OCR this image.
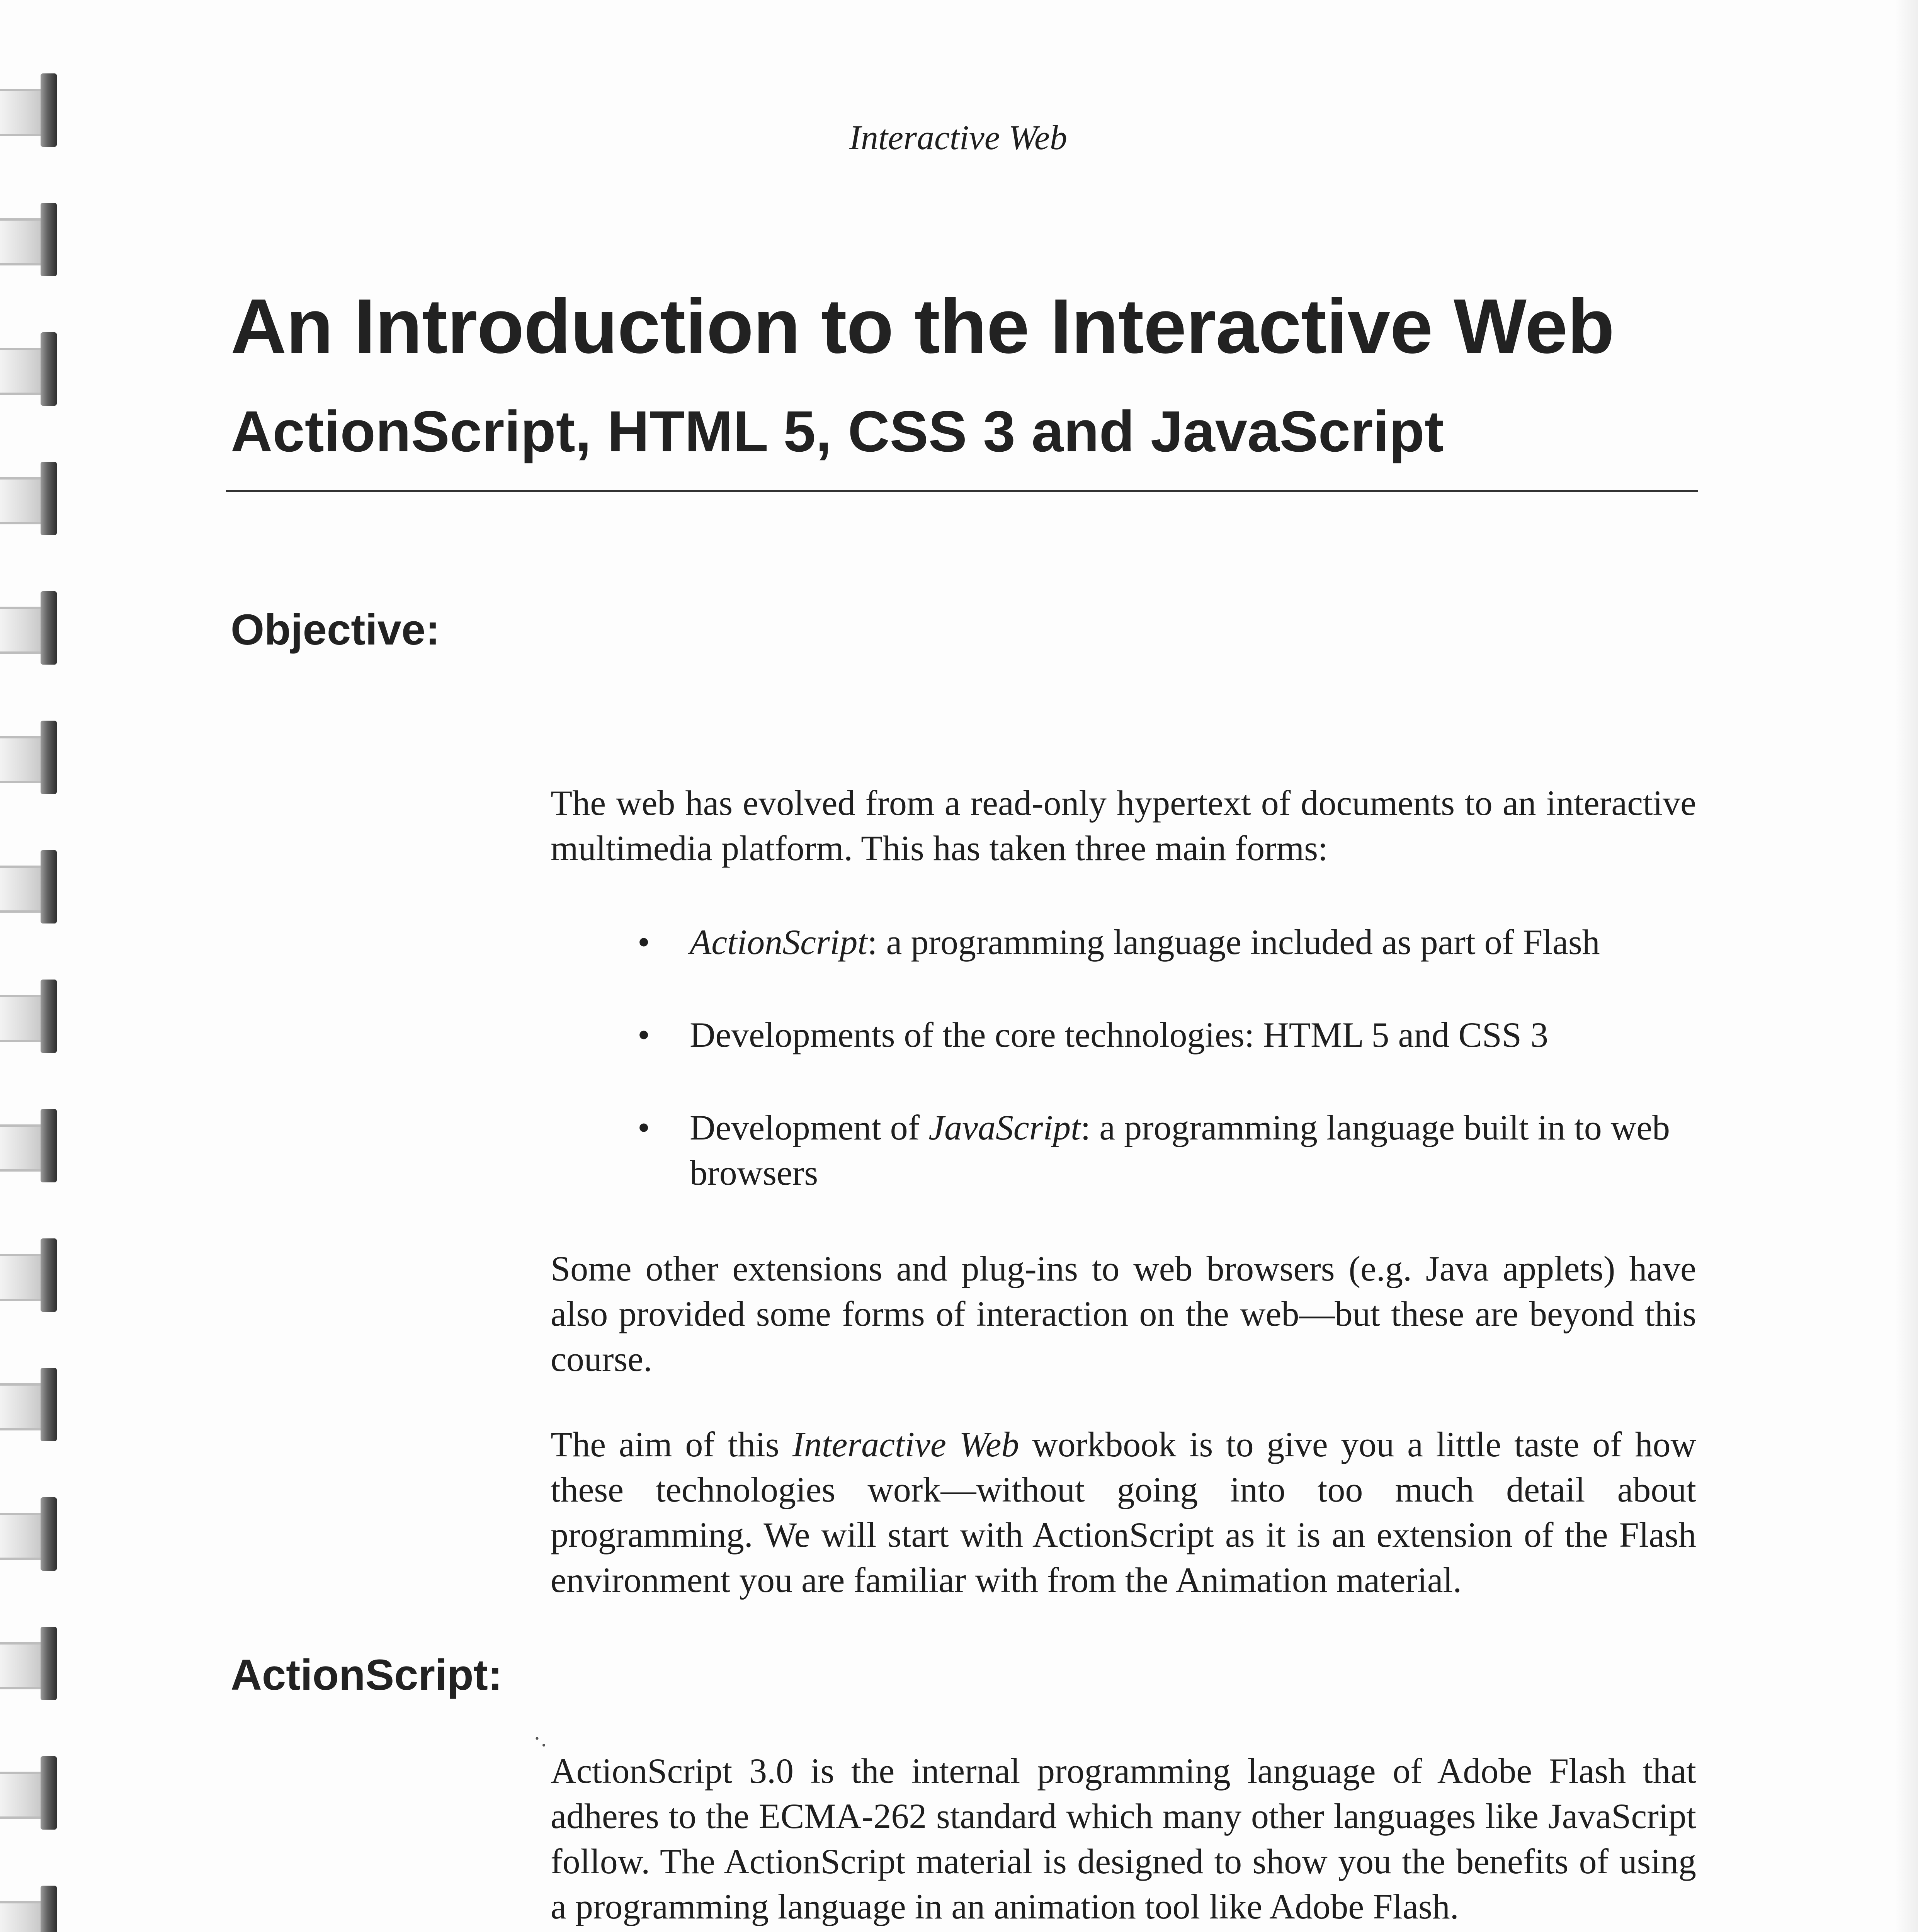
Interactive Web
An Introduction to the Interactive Web
ActionScript, HTML 5, CSS 3 and JavaScript
Objective:

The web has evolved from a read-only hypertext of documents to an interactive multimedia platform. This has taken three main forms:

•	ActionScript: a programming language included as part of Flash
•	Developments of the core technologies: HTML 5 and CSS 3
•	Development of JavaScript: a programming language built in to web browsers

Some other extensions and plug-ins to web browsers (e.g. Java applets) have also provided some forms of interaction on the web—but these are beyond this course.

The aim of this Interactive Web workbook is to give you a little taste of how these technologies work—without going into too much detail about programming. We will start with ActionScript as it is an extension of the Flash environment you are familiar with from the Animation material.

ActionScript:
·.

ActionScript 3.0 is the internal programming language of Adobe Flash that adheres to the ECMA-262 standard which many other languages like JavaScript follow. The ActionScript material is designed to show you the benefits of using a programming language in an animation tool like Adobe Flash.
